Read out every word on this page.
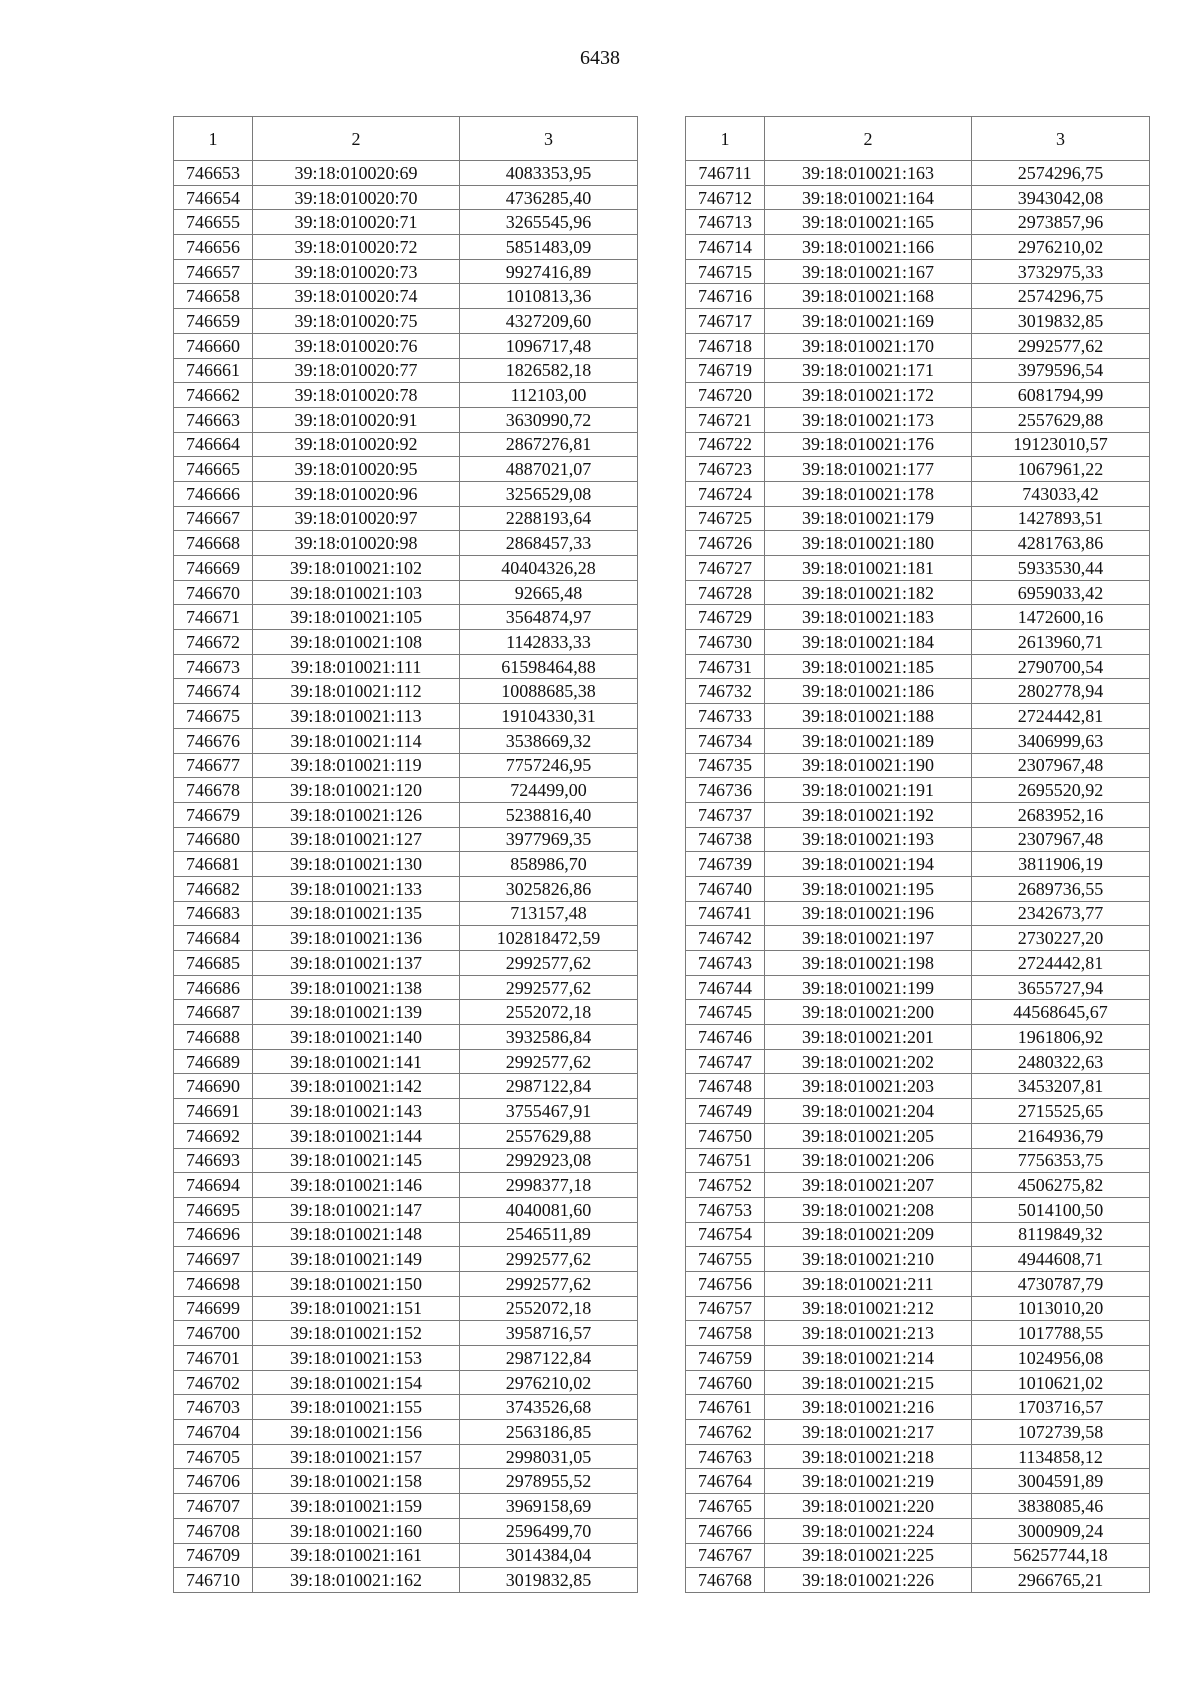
6438
1	2	3
746653	39:18:010020:69	4083353,95
746654	39:18:010020:70	4736285,40
746655	39:18:010020:71	3265545,96
746656	39:18:010020:72	5851483,09
746657	39:18:010020:73	9927416,89
746658	39:18:010020:74	1010813,36
746659	39:18:010020:75	4327209,60
746660	39:18:010020:76	1096717,48
746661	39:18:010020:77	1826582,18
746662	39:18:010020:78	112103,00
746663	39:18:010020:91	3630990,72
746664	39:18:010020:92	2867276,81
746665	39:18:010020:95	4887021,07
746666	39:18:010020:96	3256529,08
746667	39:18:010020:97	2288193,64
746668	39:18:010020:98	2868457,33
746669	39:18:010021:102	40404326,28
746670	39:18:010021:103	92665,48
746671	39:18:010021:105	3564874,97
746672	39:18:010021:108	1142833,33
746673	39:18:010021:111	61598464,88
746674	39:18:010021:112	10088685,38
746675	39:18:010021:113	19104330,31
746676	39:18:010021:114	3538669,32
746677	39:18:010021:119	7757246,95
746678	39:18:010021:120	724499,00
746679	39:18:010021:126	5238816,40
746680	39:18:010021:127	3977969,35
746681	39:18:010021:130	858986,70
746682	39:18:010021:133	3025826,86
746683	39:18:010021:135	713157,48
746684	39:18:010021:136	102818472,59
746685	39:18:010021:137	2992577,62
746686	39:18:010021:138	2992577,62
746687	39:18:010021:139	2552072,18
746688	39:18:010021:140	3932586,84
746689	39:18:010021:141	2992577,62
746690	39:18:010021:142	2987122,84
746691	39:18:010021:143	3755467,91
746692	39:18:010021:144	2557629,88
746693	39:18:010021:145	2992923,08
746694	39:18:010021:146	2998377,18
746695	39:18:010021:147	4040081,60
746696	39:18:010021:148	2546511,89
746697	39:18:010021:149	2992577,62
746698	39:18:010021:150	2992577,62
746699	39:18:010021:151	2552072,18
746700	39:18:010021:152	3958716,57
746701	39:18:010021:153	2987122,84
746702	39:18:010021:154	2976210,02
746703	39:18:010021:155	3743526,68
746704	39:18:010021:156	2563186,85
746705	39:18:010021:157	2998031,05
746706	39:18:010021:158	2978955,52
746707	39:18:010021:159	3969158,69
746708	39:18:010021:160	2596499,70
746709	39:18:010021:161	3014384,04
746710	39:18:010021:162	3019832,85
1	2	3
746711	39:18:010021:163	2574296,75
746712	39:18:010021:164	3943042,08
746713	39:18:010021:165	2973857,96
746714	39:18:010021:166	2976210,02
746715	39:18:010021:167	3732975,33
746716	39:18:010021:168	2574296,75
746717	39:18:010021:169	3019832,85
746718	39:18:010021:170	2992577,62
746719	39:18:010021:171	3979596,54
746720	39:18:010021:172	6081794,99
746721	39:18:010021:173	2557629,88
746722	39:18:010021:176	19123010,57
746723	39:18:010021:177	1067961,22
746724	39:18:010021:178	743033,42
746725	39:18:010021:179	1427893,51
746726	39:18:010021:180	4281763,86
746727	39:18:010021:181	5933530,44
746728	39:18:010021:182	6959033,42
746729	39:18:010021:183	1472600,16
746730	39:18:010021:184	2613960,71
746731	39:18:010021:185	2790700,54
746732	39:18:010021:186	2802778,94
746733	39:18:010021:188	2724442,81
746734	39:18:010021:189	3406999,63
746735	39:18:010021:190	2307967,48
746736	39:18:010021:191	2695520,92
746737	39:18:010021:192	2683952,16
746738	39:18:010021:193	2307967,48
746739	39:18:010021:194	3811906,19
746740	39:18:010021:195	2689736,55
746741	39:18:010021:196	2342673,77
746742	39:18:010021:197	2730227,20
746743	39:18:010021:198	2724442,81
746744	39:18:010021:199	3655727,94
746745	39:18:010021:200	44568645,67
746746	39:18:010021:201	1961806,92
746747	39:18:010021:202	2480322,63
746748	39:18:010021:203	3453207,81
746749	39:18:010021:204	2715525,65
746750	39:18:010021:205	2164936,79
746751	39:18:010021:206	7756353,75
746752	39:18:010021:207	4506275,82
746753	39:18:010021:208	5014100,50
746754	39:18:010021:209	8119849,32
746755	39:18:010021:210	4944608,71
746756	39:18:010021:211	4730787,79
746757	39:18:010021:212	1013010,20
746758	39:18:010021:213	1017788,55
746759	39:18:010021:214	1024956,08
746760	39:18:010021:215	1010621,02
746761	39:18:010021:216	1703716,57
746762	39:18:010021:217	1072739,58
746763	39:18:010021:218	1134858,12
746764	39:18:010021:219	3004591,89
746765	39:18:010021:220	3838085,46
746766	39:18:010021:224	3000909,24
746767	39:18:010021:225	56257744,18
746768	39:18:010021:226	2966765,21
